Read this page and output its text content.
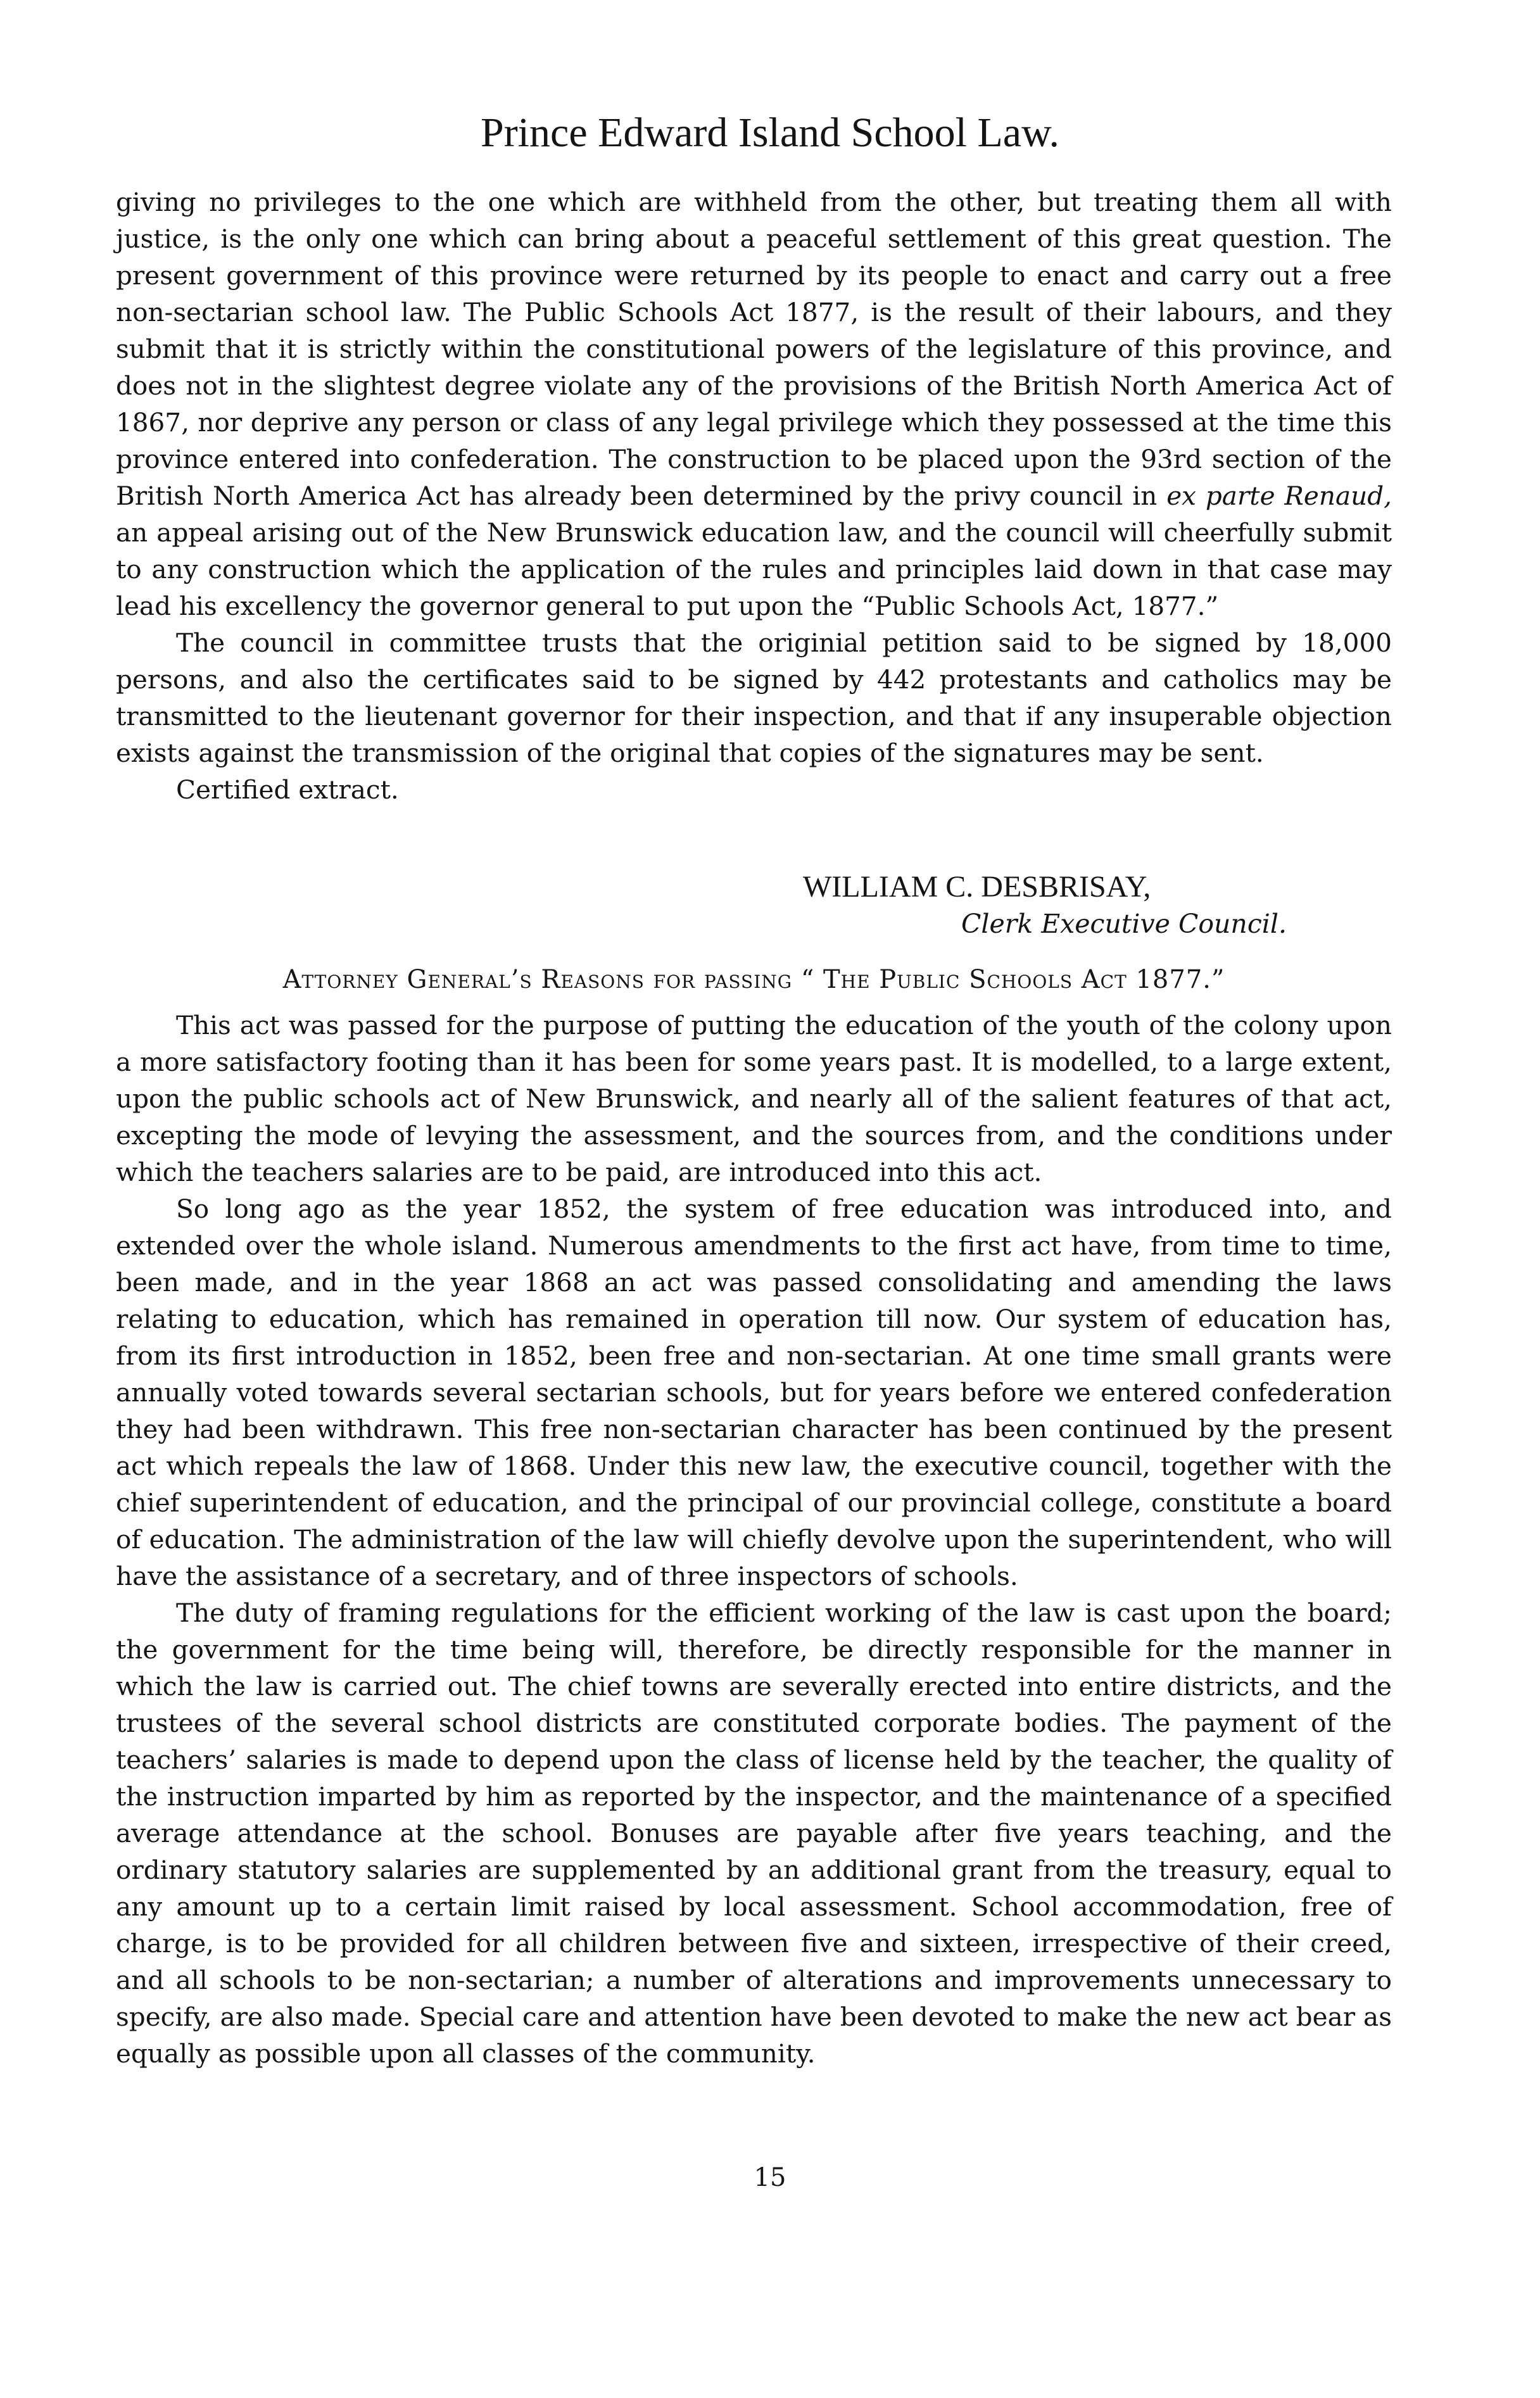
Prince Edward Island School Law.

giving no privileges to the one which are withheld from the other, but treating them all with justice, is the only one which can bring about a peaceful settlement of this great question. The present government of this province were returned by its people to enact and carry out a free non-sectarian school law. The Public Schools Act 1877, is the result of their labours, and they submit that it is strictly within the constitutional powers of the legislature of this province, and does not in the slightest degree violate any of the provisions of the British North America Act of 1867, nor deprive any person or class of any legal privilege which they possessed at the time this province entered into confederation. The construction to be placed upon the 93rd section of the British North America Act has already been determined by the privy council in ex parte Renaud, an appeal arising out of the New Brunswick education law, and the council will cheerfully submit to any construction which the application of the rules and principles laid down in that case may lead his excellency the governor general to put upon the “Public Schools Act, 1877.”

The council in committee trusts that the originial petition said to be signed by 18,000 persons, and also the certificates said to be signed by 442 protestants and catholics may be transmitted to the lieutenant governor for their inspection, and that if any insuperable objection exists against the transmission of the original that copies of the signatures may be sent.

Certified extract.

WILLIAM C. DESBRISAY,
Clerk Executive Council.
Attorney General’s Reasons for passing “ The Public Schools Act 1877.”

This act was passed for the purpose of putting the education of the youth of the colony upon a more satisfactory footing than it has been for some years past. It is modelled, to a large extent, upon the public schools act of New Brunswick, and nearly all of the salient features of that act, excepting the mode of levying the assessment, and the sources from, and the conditions under which the teachers salaries are to be paid, are introduced into this act.

So long ago as the year 1852, the system of free education was introduced into, and extended over the whole island. Numerous amendments to the first act have, from time to time, been made, and in the year 1868 an act was passed consolidating and amending the laws relating to education, which has remained in operation till now. Our system of education has, from its first introduction in 1852, been free and non-sectarian. At one time small grants were annually voted towards several sectarian schools, but for years before we entered confederation they had been withdrawn. This free non-sectarian character has been continued by the present act which repeals the law of 1868. Under this new law, the executive council, together with the chief superintendent of education, and the principal of our provincial college, constitute a board of education. The administration of the law will chiefly devolve upon the superintendent, who will have the assistance of a secretary, and of three inspectors of schools.

The duty of framing regulations for the efficient working of the law is cast upon the board; the government for the time being will, therefore, be directly responsible for the manner in which the law is carried out. The chief towns are severally erected into entire districts, and the trustees of the several school districts are constituted corporate bodies. The payment of the teachers’ salaries is made to depend upon the class of license held by the teacher, the quality of the instruction imparted by him as reported by the inspector, and the maintenance of a specified average attendance at the school. Bonuses are payable after five years teaching, and the ordinary statutory salaries are supplemented by an additional grant from the treasury, equal to any amount up to a certain limit raised by local assessment. School accommodation, free of charge, is to be provided for all children between five and sixteen, irrespective of their creed, and all schools to be non-sectarian; a number of alterations and improvements unnecessary to specify, are also made. Special care and attention have been devoted to make the new act bear as equally as possible upon all classes of the community.

15
